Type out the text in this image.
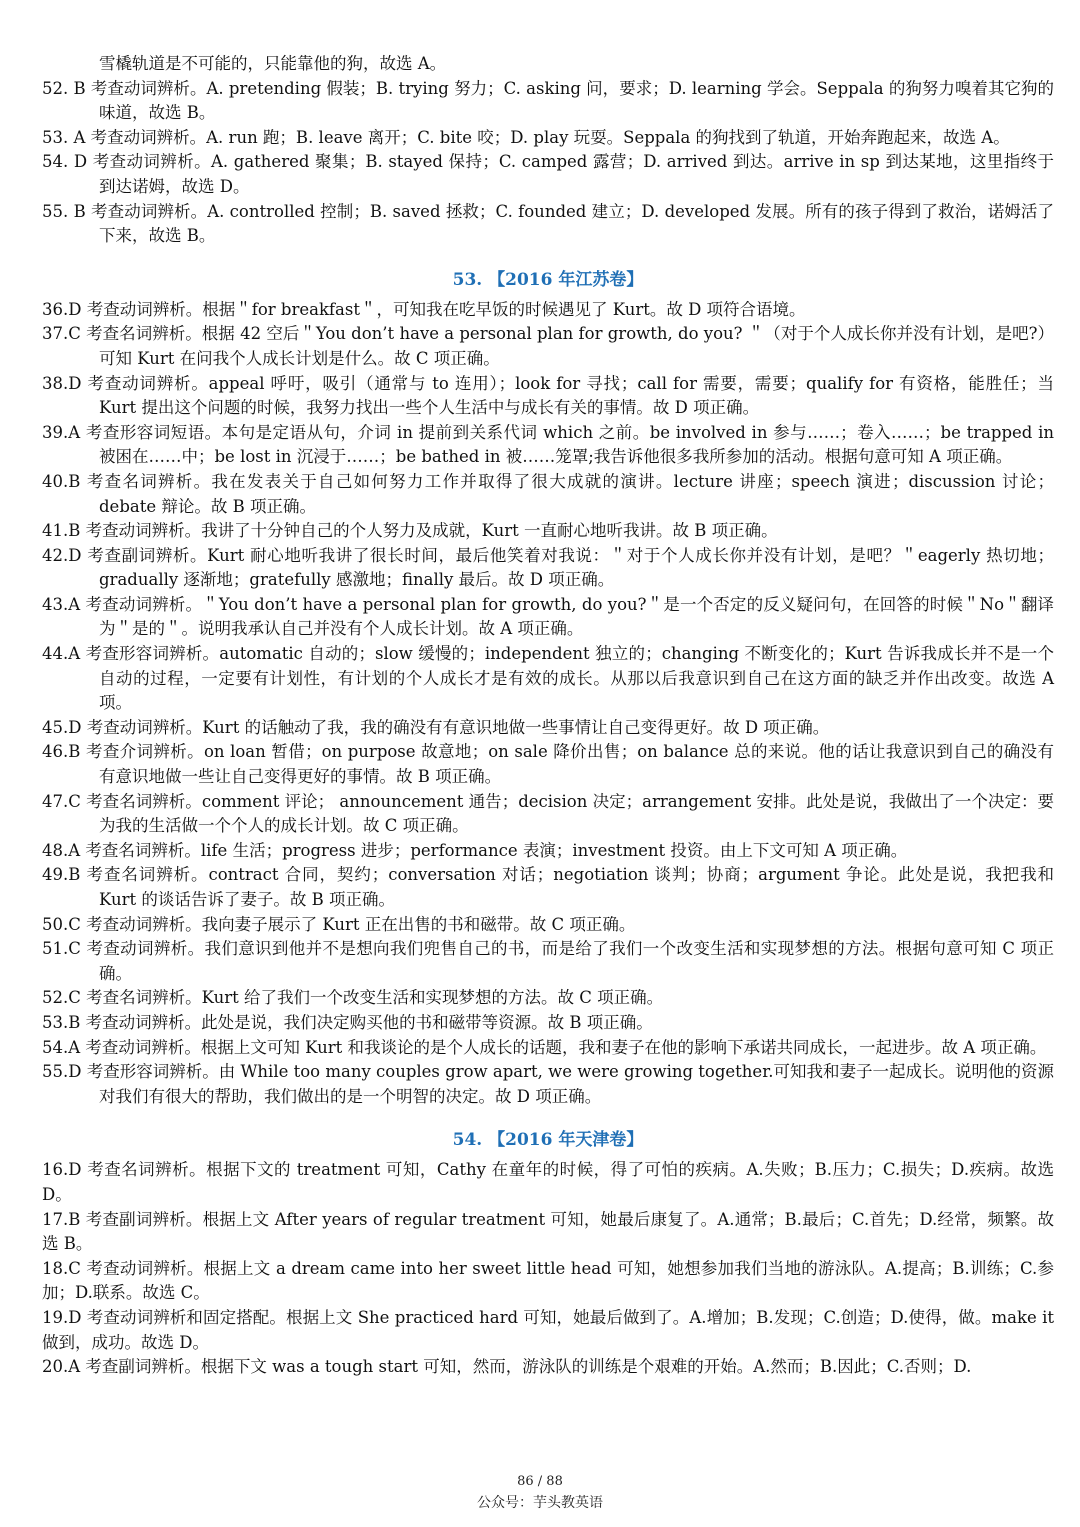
雪橇轨道是不可能的，只能靠他的狗，故选 A。

52. B 考查动词辨析。A. pretending 假装；B. trying 努力；C. asking 问，要求；D. learning 学会。Seppala 的狗努力嗅着其它狗的味道，故选 B。

53. A 考查动词辨析。A. run 跑；B. leave 离开；C. bite 咬；D. play 玩耍。Seppala 的狗找到了轨道，开始奔跑起来，故选 A。

54. D 考查动词辨析。A. gathered 聚集；B. stayed 保持；C. camped 露营；D. arrived 到达。arrive in sp 到达某地，这里指终于到达诺姆，故选 D。

55. B 考查动词辨析。A. controlled 控制；B. saved 拯救；C. founded 建立；D. developed 发展。所有的孩子得到了救治，诺姆活了下来，故选 B。

53. 【2016 年江苏卷】

36.D 考查动词辨析。根据＂for breakfast＂，可知我在吃早饭的时候遇见了 Kurt。故 D 项符合语境。

37.C 考查名词辨析。根据 42 空后＂You don’t have a personal plan for growth, do you? ＂（对于个人成长你并没有计划，是吧?）可知 Kurt 在问我个人成长计划是什么。故 C 项正确。

38.D 考查动词辨析。appeal 呼吁，吸引（通常与 to 连用）；look for 寻找；call for 需要，需要；qualify for 有资格，能胜任；当 Kurt 提出这个问题的时候，我努力找出一些个人生活中与成长有关的事情。故 D 项正确。

39.A 考查形容词短语。本句是定语从句，介词 in 提前到关系代词 which 之前。be involved in 参与……；卷入……；be trapped in 被困在……中；be lost in 沉浸于……；be bathed in 被……笼罩;我告诉他很多我所参加的活动。根据句意可知 A 项正确。

40.B 考查名词辨析。我在发表关于自己如何努力工作并取得了很大成就的演讲。lecture 讲座；speech 演进；discussion 讨论；debate 辩论。故 B 项正确。

41.B 考查动词辨析。我讲了十分钟自己的个人努力及成就，Kurt 一直耐心地听我讲。故 B 项正确。

42.D 考查副词辨析。Kurt 耐心地听我讲了很长时间，最后他笑着对我说：＂对于个人成长你并没有计划，是吧？＂eagerly 热切地；gradually 逐渐地；gratefully 感激地；finally 最后。故 D 项正确。

43.A 考查动词辨析。＂You don’t have a personal plan for growth, do you?＂是一个否定的反义疑问句，在回答的时候＂No＂翻译为＂是的＂。说明我承认自己并没有个人成长计划。故 A 项正确。

44.A 考查形容词辨析。automatic 自动的；slow 缓慢的；independent 独立的；changing 不断变化的；Kurt 告诉我成长并不是一个自动的过程，一定要有计划性，有计划的个人成长才是有效的成长。从那以后我意识到自己在这方面的缺乏并作出改变。故选 A 项。

45.D 考查动词辨析。Kurt 的话触动了我，我的确没有有意识地做一些事情让自己变得更好。故 D 项正确。

46.B 考查介词辨析。on loan 暂借；on purpose 故意地；on sale 降价出售；on balance 总的来说。他的话让我意识到自己的确没有有意识地做一些让自己变得更好的事情。故 B 项正确。

47.C 考查名词辨析。comment 评论； announcement 通告；decision 决定；arrangement 安排。此处是说，我做出了一个决定：要为我的生活做一个个人的成长计划。故 C 项正确。

48.A 考查名词辨析。life 生活；progress 进步；performance 表演；investment 投资。由上下文可知 A 项正确。

49.B 考查名词辨析。contract 合同，契约；conversation 对话；negotiation 谈判；协商；argument 争论。此处是说，我把我和 Kurt 的谈话告诉了妻子。故 B 项正确。

50.C 考查动词辨析。我向妻子展示了 Kurt 正在出售的书和磁带。故 C 项正确。

51.C 考查动词辨析。我们意识到他并不是想向我们兜售自己的书，而是给了我们一个改变生活和实现梦想的方法。根据句意可知 C 项正确。

52.C 考查名词辨析。Kurt 给了我们一个改变生活和实现梦想的方法。故 C 项正确。

53.B 考查动词辨析。此处是说，我们决定购买他的书和磁带等资源。故 B 项正确。

54.A 考查动词辨析。根据上文可知 Kurt 和我谈论的是个人成长的话题，我和妻子在他的影响下承诺共同成长，一起进步。故 A 项正确。

55.D 考查形容词辨析。由 While too many couples grow apart, we were growing together.可知我和妻子一起成长。说明他的资源对我们有很大的帮助，我们做出的是一个明智的决定。故 D 项正确。

54. 【2016 年天津卷】

16.D 考查名词辨析。根据下文的 treatment 可知，Cathy 在童年的时候，得了可怕的疾病。A.失败；B.压力；C.损失；D.疾病。故选 D。

17.B 考查副词辨析。根据上文 After years of regular treatment 可知，她最后康复了。A.通常；B.最后；C.首先；D.经常，频繁。故选 B。

18.C 考查动词辨析。根据上文 a dream came into her sweet little head 可知，她想参加我们当地的游泳队。A.提高；B.训练；C.参加；D.联系。故选 C。

19.D 考查动词辨析和固定搭配。根据上文 She practiced hard 可知，她最后做到了。A.增加；B.发现；C.创造；D.使得，做。make it 做到，成功。故选 D。

20.A 考查副词辨析。根据下文 was a tough start 可知，然而，游泳队的训练是个艰难的开始。A.然而；B.因此；C.否则；D.

86 / 88
公众号：芋头教英语
